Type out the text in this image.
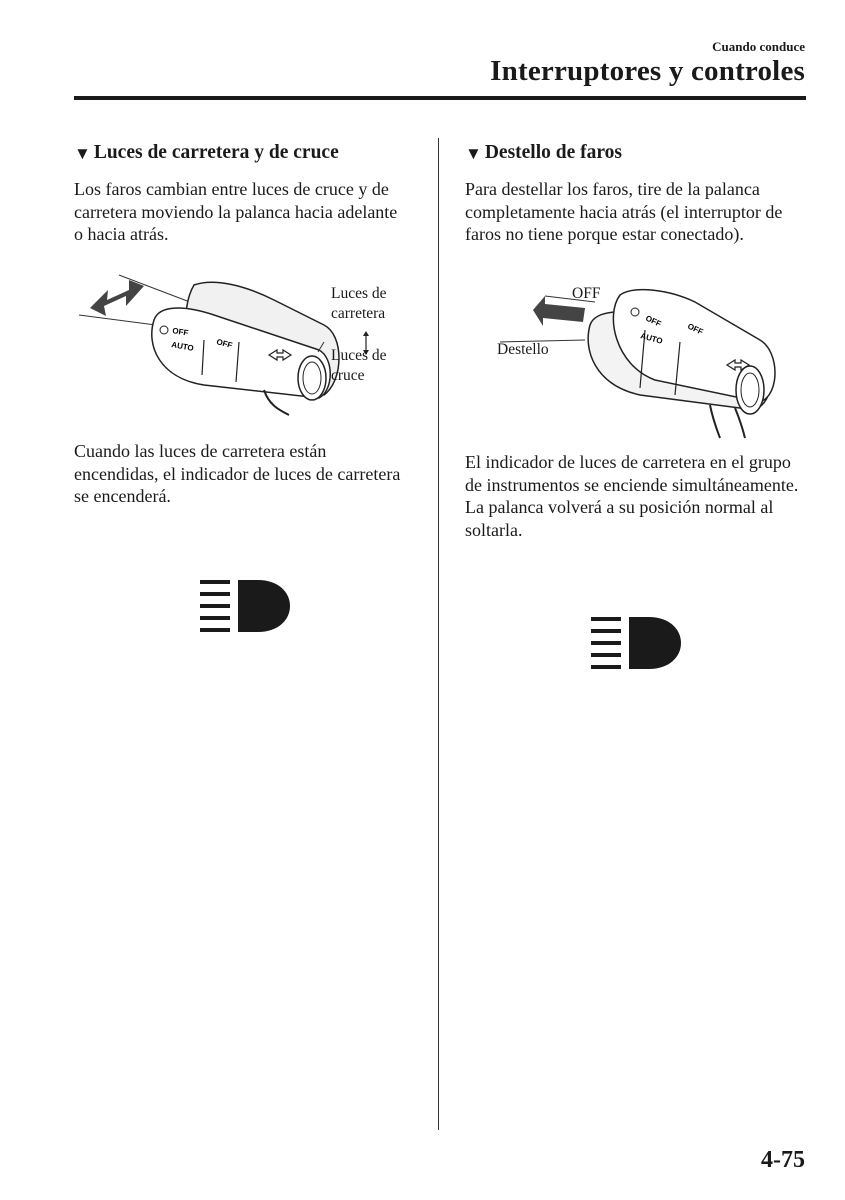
Cuando conduce
Interruptores y controles
▼ Luces de carretera y de cruce

Los faros cambian entre luces de cruce y de carretera moviendo la palanca hacia adelante o hacia atrás.

OFF
AUTO	OFF
Luces de carretera
Luces de cruce

Cuando las luces de carretera están encendidas, el indicador de luces de carretera se encenderá.

▼ Destello de faros

Para destellar los faros, tire de la palanca completamente hacia atrás (el interruptor de faros no tiene porque estar conectado).

OFF
AUTO
OFF
OFF
Destello

El indicador de luces de carretera en el grupo de instrumentos se enciende simultáneamente. La palanca volverá a su posición normal al soltarla.

4-75
